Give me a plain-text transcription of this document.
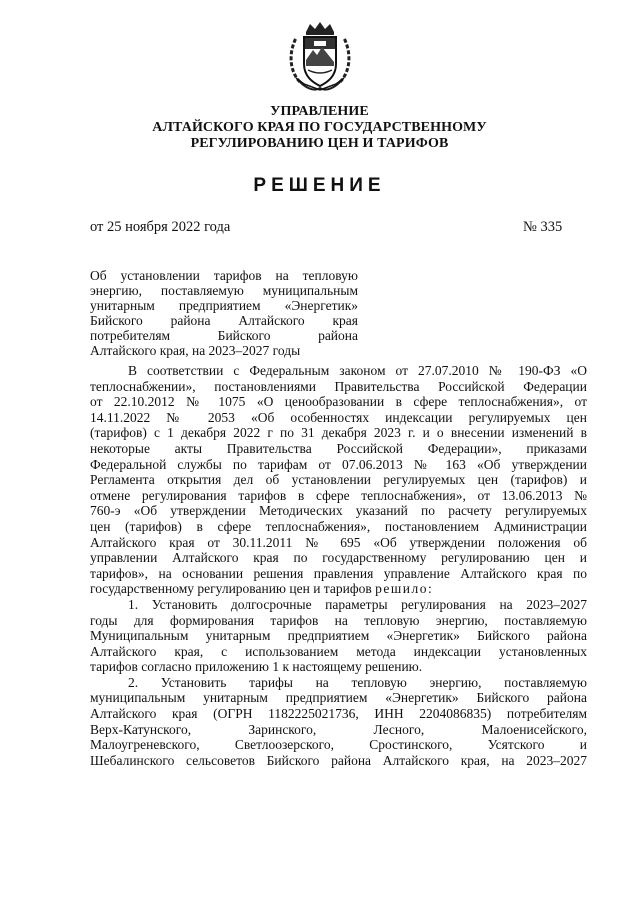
УПРАВЛЕНИЕ
АЛТАЙСКОГО КРАЯ ПО ГОСУДАРСТВЕННОМУ
РЕГУЛИРОВАНИЮ ЦЕН И ТАРИФОВ
РЕШЕНИЕ
от 25 ноября 2022 года	№ 335
Об установлении тарифов на тепловую
энергию, поставляемую муниципальным
унитарным предприятием «Энергетик»
Бийского района Алтайского края
потребителям Бийского района
Алтайского края, на 2023–2027 годы
В соответствии с Федеральным законом от 27.07.2010 № 190-ФЗ «О
теплоснабжении», постановлениями Правительства Российской Федерации
от 22.10.2012 № 1075 «О ценообразовании в сфере теплоснабжения», от
14.11.2022 № 2053 «Об особенностях индексации регулируемых цен
(тарифов) с 1 декабря 2022 г по 31 декабря 2023 г. и о внесении изменений в
некоторые акты Правительства Российской Федерации», приказами
Федеральной службы по тарифам от 07.06.2013 № 163 «Об утверждении
Регламента открытия дел об установлении регулируемых цен (тарифов) и
отмене регулирования тарифов в сфере теплоснабжения», от 13.06.2013 №
760-э «Об утверждении Методических указаний по расчету регулируемых
цен (тарифов) в сфере теплоснабжения», постановлением Администрации
Алтайского края от 30.11.2011 № 695 «Об утверждении положения об
управлении Алтайского края по государственному регулированию цен и
тарифов», на основании решения правления управление Алтайского края по
государственному регулированию цен и тарифов решило:
1. Установить долгосрочные параметры регулирования на 2023–2027
годы для формирования тарифов на тепловую энергию, поставляемую
Муниципальным унитарным предприятием «Энергетик» Бийского района
Алтайского края, с использованием метода индексации установленных
тарифов согласно приложению 1 к настоящему решению.
2. Установить тарифы на тепловую энергию, поставляемую
муниципальным унитарным предприятием «Энергетик» Бийского района
Алтайского края (ОГРН 1182225021736, ИНН 2204086835) потребителям
Верх-Катунского, Заринского, Лесного, Малоенисейского,
Малоугреневского, Светлоозерского, Сростинского, Усятского и
Шебалинского сельсоветов Бийского района Алтайского края, на 2023–2027
